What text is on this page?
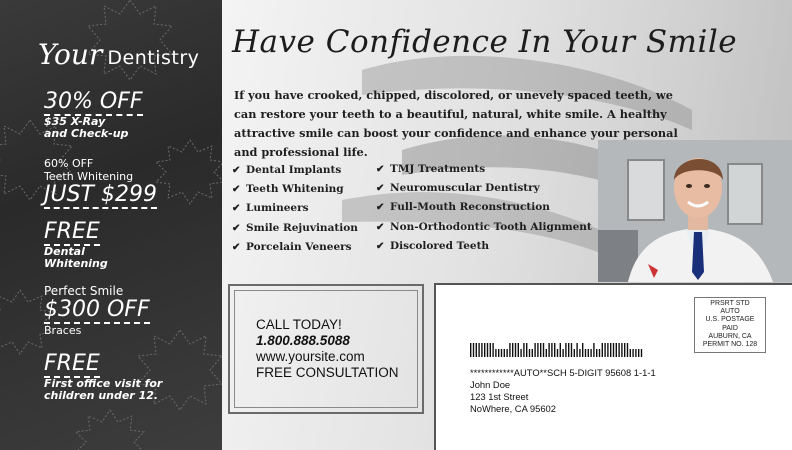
Your Dentistry
30% OFF
$35 X-Ray
and Check-up
60% OFF
Teeth Whitening
JUST $299
FREE
Dental
Whitening
Perfect Smile
$300 OFF
Braces
FREE
First office visit for
children under 12.
Have Confidence In Your Smile
If you have crooked, chipped, discolored, or unevely spaced teeth, we can restore your teeth to a beautiful, natural, white smile. A healthy attractive smile can boost your confidence and enhance your personal and professional life.
✔ Dental Implants
✔ Teeth Whitening
✔ Lumineers
✔ Smile Rejuvination
✔ Porcelain Veneers
✔ TMJ Treatments
✔ Neuromuscular Dentistry
✔ Full-Mouth Reconstruction
✔ Non-Orthodontic Tooth Alignment
✔ Discolored Teeth
CALL TODAY!
1.800.888.5088
www.yoursite.com
FREE CONSULTATION
PRSRT STD
AUTO
U.S. POSTAGE
PAID
AUBURN, CA
PERMIT NO. 128
************AUTO**SCH 5-DIGIT 95608 1-1-1
John Doe
123 1st Street
NoWhere, CA 95602
